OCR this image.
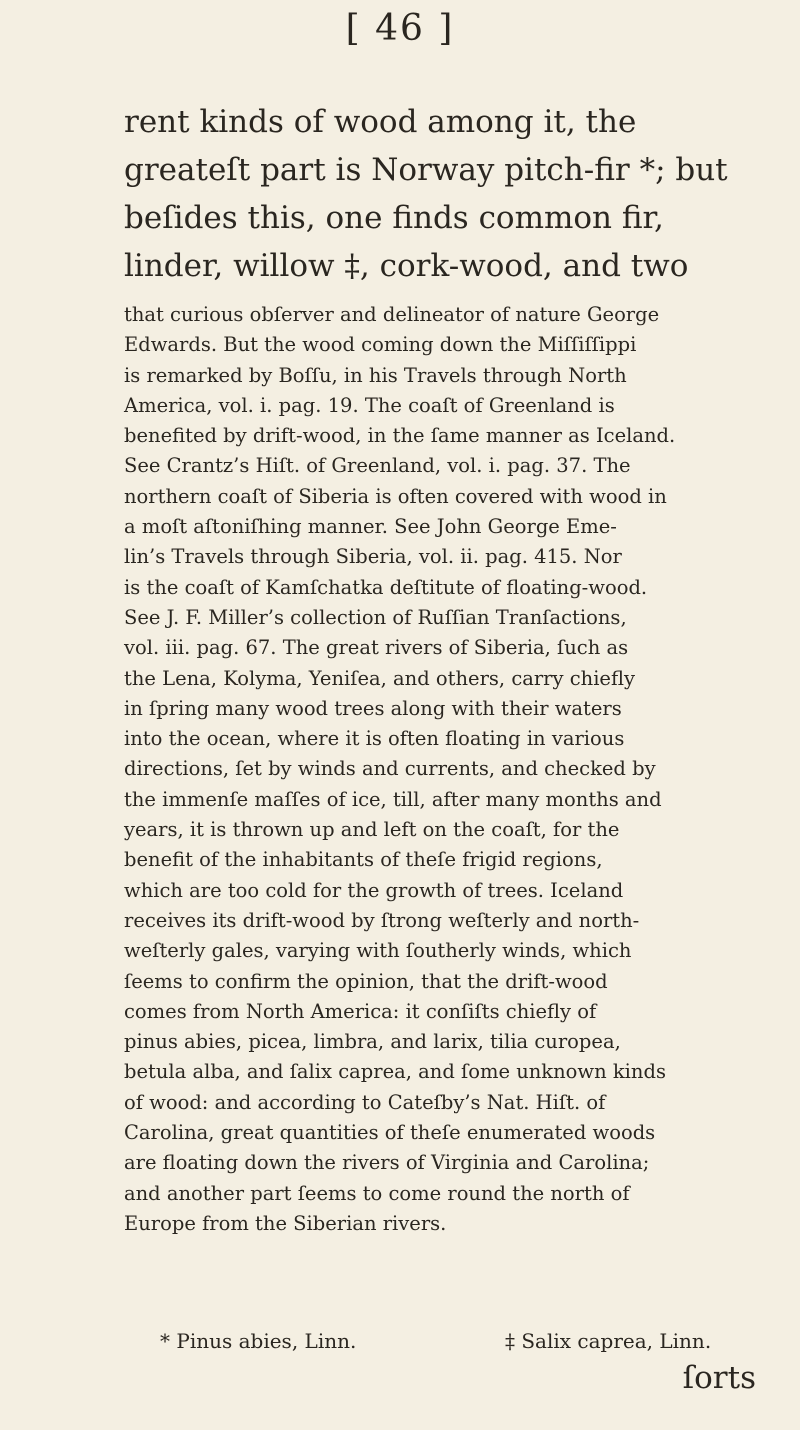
[ 46 ]
rent kinds of wood among it, the
greateſt part is Norway pitch-fir *; but
beſides this, one finds common fir,
linder, willow ‡, cork-wood, and two
that curious obſerver and delineator of nature George
Edwards. But the wood coming down the Miſſiſſippi
is remarked by Boſſu, in his Travels through North
America, vol. i. pag. 19. The coaſt of Greenland is
benefited by drift-wood, in the ſame manner as Iceland.
See Crantz’s Hiſt. of Greenland, vol. i. pag. 37. The
northern coaſt of Siberia is often covered with wood in
a moſt aſtoniſhing manner. See John George Eme-
lin’s Travels through Siberia, vol. ii. pag. 415. Nor
is the coaſt of Kamſchatka deſtitute of floating-wood.
See J. F. Miller’s collection of Ruſſian Tranſactions,
vol. iii. pag. 67. The great rivers of Siberia, ſuch as
the Lena, Kolyma, Yeniſea, and others, carry chiefly
in ſpring many wood trees along with their waters
into the ocean, where it is often floating in various
directions, ſet by winds and currents, and checked by
the immenſe maſſes of ice, till, after many months and
years, it is thrown up and left on the coaſt, for the
benefit of the inhabitants of theſe frigid regions,
which are too cold for the growth of trees. Iceland
receives its drift-wood by ſtrong weſterly and north-
weſterly gales, varying with ſoutherly winds, which
ſeems to confirm the opinion, that the drift-wood
comes from North America: it conſiſts chiefly of
pinus abies, picea, limbra, and larix, tilia curopea,
betula alba, and ſalix caprea, and ſome unknown kinds
of wood: and according to Cateſby’s Nat. Hiſt. of
Carolina, great quantities of theſe enumerated woods
are floating down the rivers of Virginia and Carolina;
and another part ſeems to come round the north of
Europe from the Siberian rivers.
* Pinus abies, Linn.	‡ Salix caprea, Linn.
ſorts
